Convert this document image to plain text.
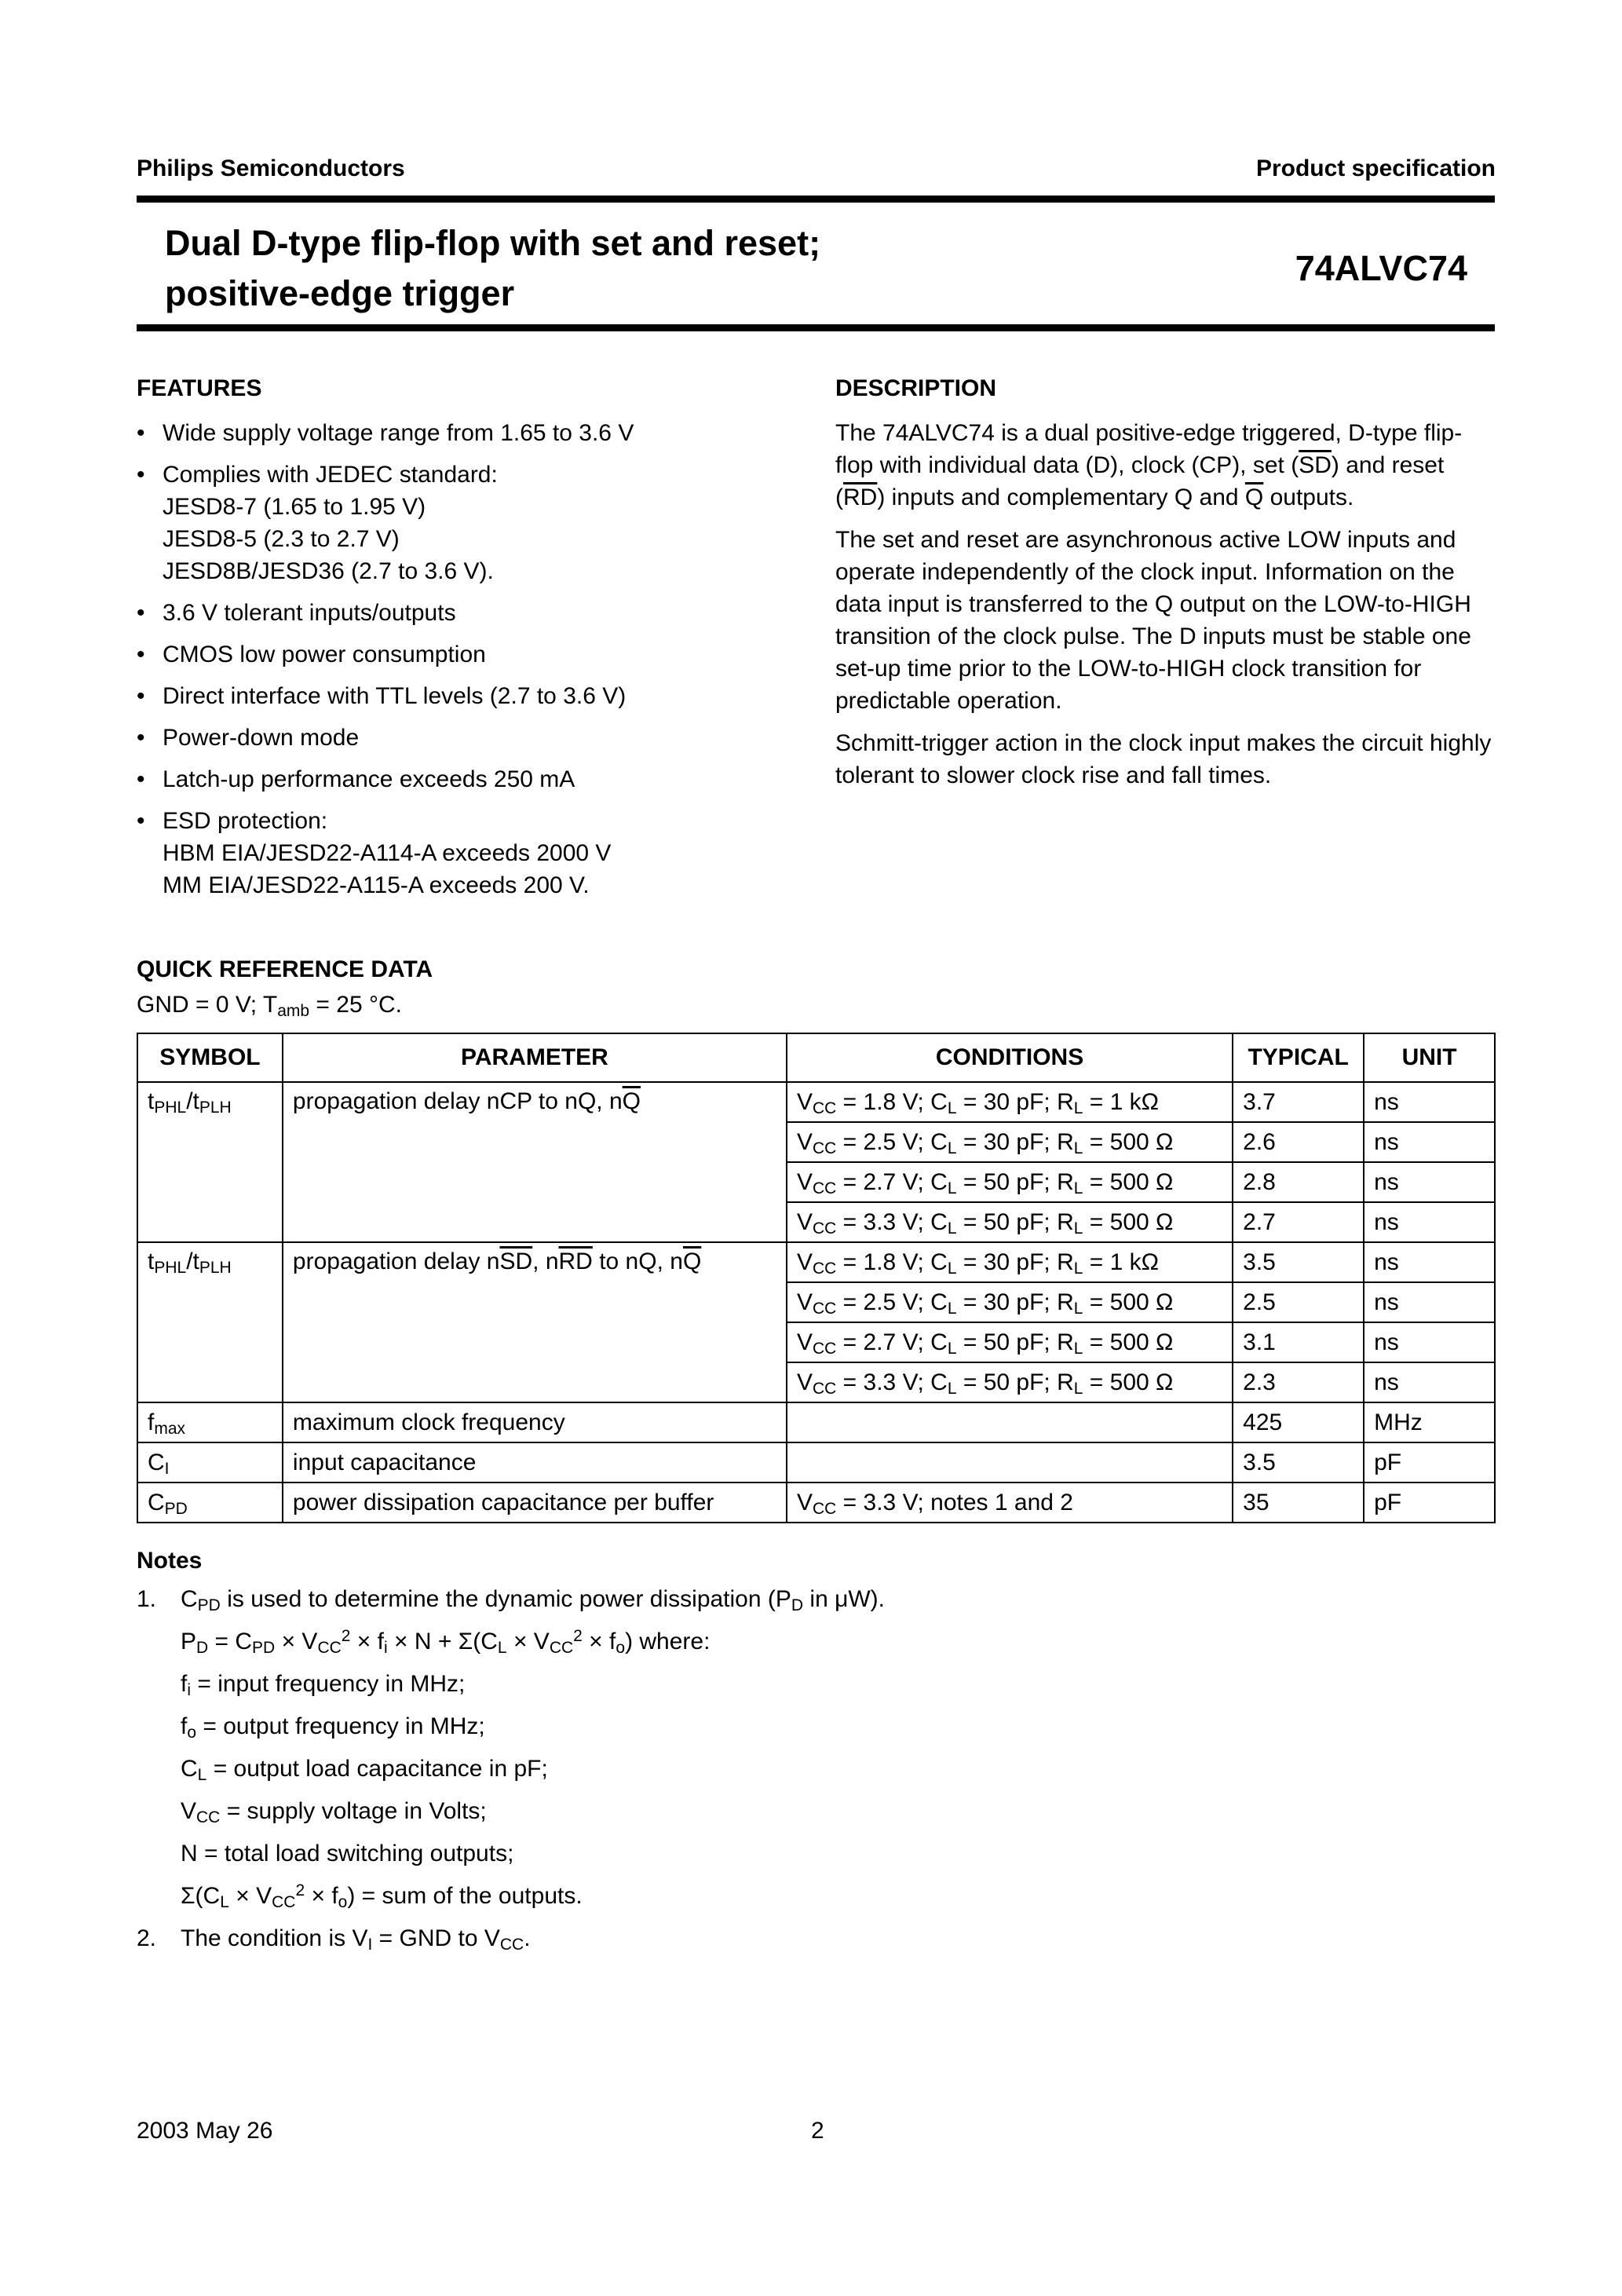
Philips Semiconductors	Product specification
Dual D-type flip-flop with set and reset;
positive-edge trigger
74ALVC74
FEATURES
• Wide supply voltage range from 1.65 to 3.6 V
• Complies with JEDEC standard:
JESD8-7 (1.65 to 1.95 V)
JESD8-5 (2.3 to 2.7 V)
JESD8B/JESD36 (2.7 to 3.6 V).
• 3.6 V tolerant inputs/outputs
• CMOS low power consumption
• Direct interface with TTL levels (2.7 to 3.6 V)
• Power-down mode
• Latch-up performance exceeds 250 mA
• ESD protection:
HBM EIA/JESD22-A114-A exceeds 2000 V
MM EIA/JESD22-A115-A exceeds 200 V.
DESCRIPTION

The 74ALVC74 is a dual positive-edge triggered, D-type flip-flop with individual data (D), clock (CP), set $(\overline{SD})$ and reset $(\overline{RD})$ inputs and complementary Q and $\overline{Q}$ outputs.

The set and reset are asynchronous active LOW inputs and operate independently of the clock input. Information on the data input is transferred to the Q output on the LOW-to-HIGH transition of the clock pulse. The D inputs must be stable one set-up time prior to the LOW-to-HIGH clock transition for predictable operation.

Schmitt-trigger action in the clock input makes the circuit highly tolerant to slower clock rise and fall times.

QUICK REFERENCE DATA
GND = 0 V; $T_{amb} = 25$ °C.
SYMBOL	PARAMETER	CONDITIONS	TYPICAL	UNIT
$t_{PHL}/t_{PLH}$	propagation delay nCP to nQ, $n\overline{Q}$	$V_{CC} = 1.8$ V; $C_L = 30$ pF; $R_L = 1$ kΩ	3.7	ns
		$V_{CC} = 2.5$ V; $C_L = 30$ pF; $R_L = 500$ Ω	2.6	ns
		$V_{CC} = 2.7$ V; $C_L = 50$ pF; $R_L = 500$ Ω	2.8	ns
		$V_{CC} = 3.3$ V; $C_L = 50$ pF; $R_L = 500$ Ω	2.7	ns
$t_{PHL}/t_{PLH}$	propagation delay $n\overline{SD}$, $n\overline{RD}$ to nQ, $n\overline{Q}$	$V_{CC} = 1.8$ V; $C_L = 30$ pF; $R_L = 1$ kΩ	3.5	ns
		$V_{CC} = 2.5$ V; $C_L = 30$ pF; $R_L = 500$ Ω	2.5	ns
		$V_{CC} = 2.7$ V; $C_L = 50$ pF; $R_L = 500$ Ω	3.1	ns
		$V_{CC} = 3.3$ V; $C_L = 50$ pF; $R_L = 500$ Ω	2.3	ns
$f_{max}$	maximum clock frequency		425	MHz
$C_I$	input capacitance		3.5	pF
$C_{PD}$	power dissipation capacitance per buffer	$V_{CC} = 3.3$ V; notes 1 and 2	35	pF
Notes
1. $C_{PD}$ is used to determine the dynamic power dissipation ($P_D$ in μW).
$P_D = C_{PD} \times V_{CC}^2 \times f_i \times N + \Sigma(C_L \times V_{CC}^2 \times f_o)$ where:
$f_i$ = input frequency in MHz;
$f_o$ = output frequency in MHz;
$C_L$ = output load capacitance in pF;
$V_{CC}$ = supply voltage in Volts;
N = total load switching outputs;
$\Sigma(C_L \times V_{CC}^2 \times f_o)$ = sum of the outputs.
2. The condition is $V_I$ = GND to $V_{CC}$.
2003 May 26	2
